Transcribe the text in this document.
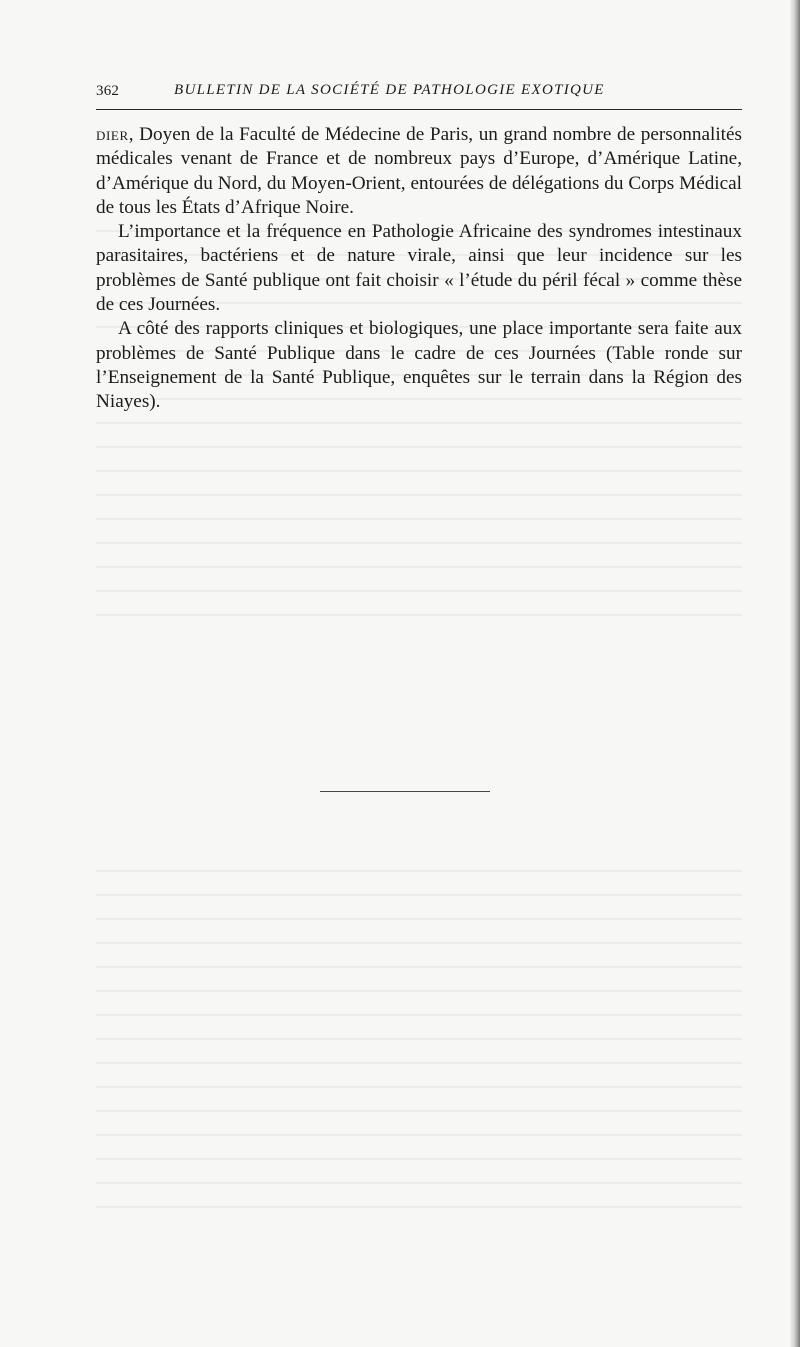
362	BULLETIN DE LA SOCIÉTÉ DE PATHOLOGIE EXOTIQUE

dier, Doyen de la Faculté de Médecine de Paris, un grand nombre de personnalités médicales venant de France et de nombreux pays d’Europe, d’Amérique Latine, d’Amérique du Nord, du Moyen-Orient, entourées de délégations du Corps Médical de tous les États d’Afrique Noire.

L’importance et la fréquence en Pathologie Africaine des syndromes intestinaux parasitaires, bactériens et de nature virale, ainsi que leur incidence sur les problèmes de Santé publique ont fait choisir « l’étude du péril fécal » comme thèse de ces Journées.

A côté des rapports cliniques et biologiques, une place importante sera faite aux problèmes de Santé Publique dans le cadre de ces Journées (Table ronde sur l’Enseignement de la Santé Publique, enquêtes sur le terrain dans la Région des Niayes).
